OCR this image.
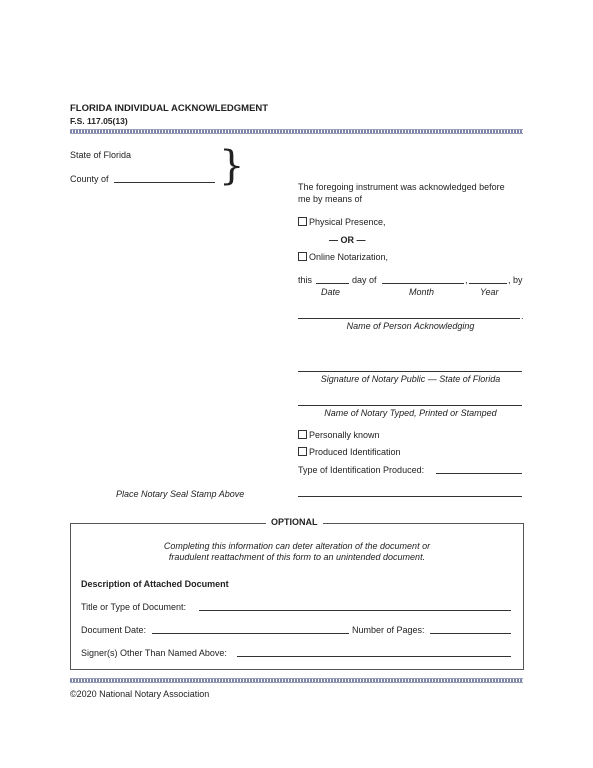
FLORIDA INDIVIDUAL ACKNOWLEDGMENT
F.S. 117.05(13)
State of Florida
County of	}	The foregoing instrument was acknowledged before
me by means of
Physical Presence,
— OR —
Online Notarization,
this	day of	,	, by
Date	Month	Year
.
Name of Person Acknowledging
Signature of Notary Public — State of Florida
Name of Notary Typed, Printed or Stamped
Personally known
Produced Identification
Type of Identification Produced:
Place Notary Seal Stamp Above
OPTIONAL
Completing this information can deter alteration of the document or
fraudulent reattachment of this form to an unintended document.
Description of Attached Document
Title or Type of Document:
Document Date:	Number of Pages:
Signer(s) Other Than Named Above:
©2020 National Notary Association
